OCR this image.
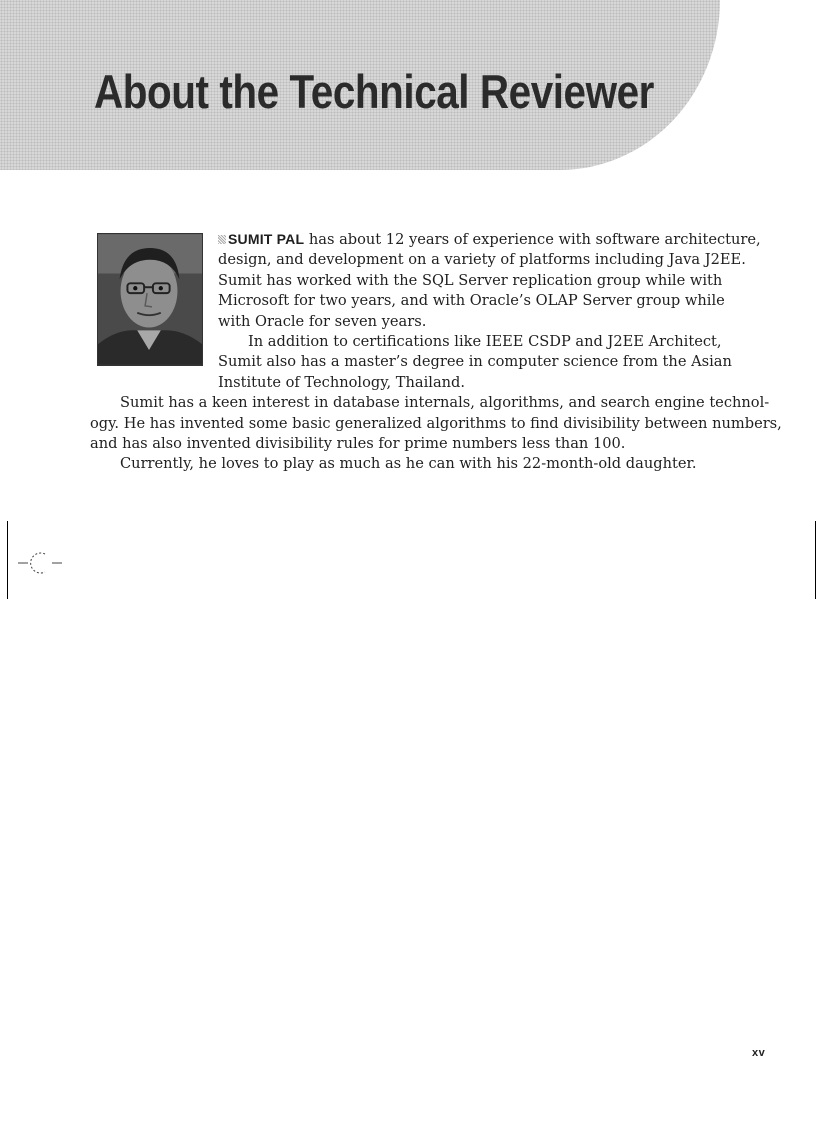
About the Technical Reviewer
SUMIT PAL has about 12 years of experience with software architecture,
design, and development on a variety of platforms including Java J2EE.
Sumit has worked with the SQL Server replication group while with
Microsoft for two years, and with Oracle’s OLAP Server group while
with Oracle for seven years.
In addition to certifications like IEEE CSDP and J2EE Architect,
Sumit also has a master’s degree in computer science from the Asian
Institute of Technology, Thailand.
Sumit has a keen interest in database internals, algorithms, and search engine technol-
ogy. He has invented some basic generalized algorithms to find divisibility between numbers,
and has also invented divisibility rules for prime numbers less than 100.
Currently, he loves to play as much as he can with his 22-month-old daughter.
xv
